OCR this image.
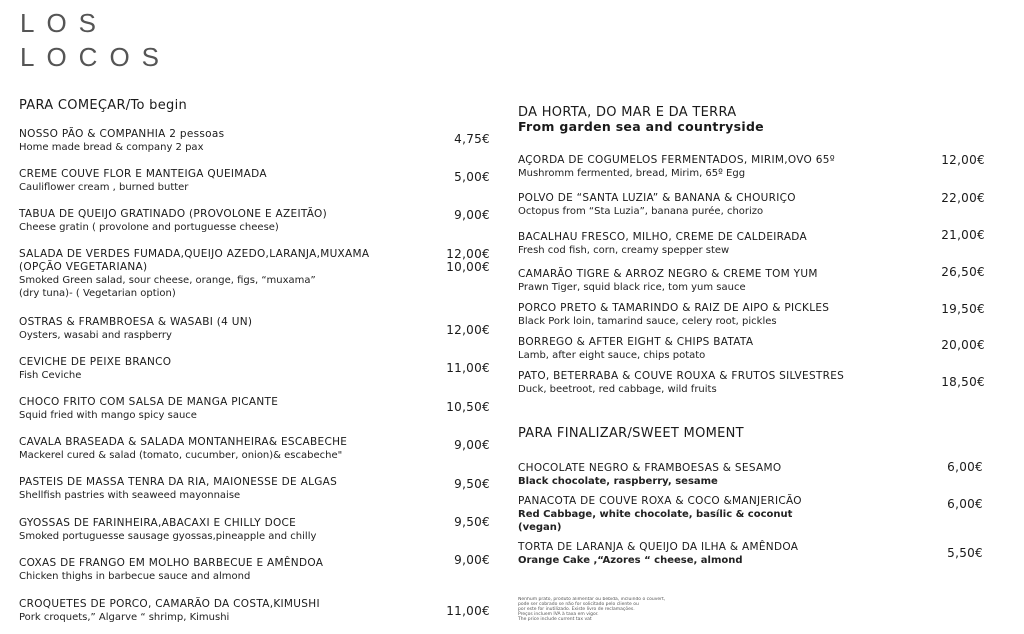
LOS
LOCOS
PARA COMEÇAR/To begin
NOSSO PÃO & COMPANHIA 2 pessoas
Home made bread & company 2 pax
4,75€
CREME COUVE FLOR E MANTEIGA QUEIMADA
Cauliflower cream , burned butter
5,00€
TABUA DE QUEIJO GRATINADO (PROVOLONE E AZEITÃO)
Cheese gratin ( provolone and portuguesse cheese)
9,00€
SALADA DE VERDES FUMADA,QUEIJO AZEDO,LARANJA,MUXAMA
(OPÇÃO VEGETARIANA)
Smoked Green salad, sour cheese, orange, figs, “muxama”
(dry tuna)- ( Vegetarian option)
12,00€
10,00€
OSTRAS & FRAMBROESA & WASABI (4 UN)
Oysters, wasabi and raspberry	12,00€
CEVICHE DE PEIXE BRANCO
Fish Ceviche
11,00€
CHOCO FRITO COM SALSA DE MANGA PICANTE
Squid fried with mango spicy sauce
10,50€
CAVALA BRASEADA & SALADA MONTANHEIRA& ESCABECHE
Mackerel cured & salad (tomato, cucumber, onion)& escabeche"
9,00€
PASTEIS DE MASSA TENRA DA RIA, MAIONESSE DE ALGAS
Shellfish pastries with seaweed mayonnaise
9,50€
GYOSSAS DE FARINHEIRA,ABACAXI E CHILLY DOCE
Smoked portuguesse sausage gyossas,pineapple and chilly
9,50€
COXAS DE FRANGO EM MOLHO BARBECUE E AMÊNDOA
Chicken thighs in barbecue sauce and almond
9,00€
CROQUETES DE PORCO, CAMARÃO DA COSTA,KIMUSHI
Pork croquets,” Algarve “ shrimp, Kimushi	11,00€
DA HORTA, DO MAR E DA TERRA
From garden sea and countryside
AÇORDA DE COGUMELOS FERMENTADOS, MIRIM,OVO 65º
Mushromm fermented, bread, Mirim, 65º Egg
12,00€
POLVO DE “SANTA LUZIA” & BANANA & CHOURIÇO
Octopus from “Sta Luzia”, banana purée, chorizo
22,00€
BACALHAU FRESCO, MILHO, CREME DE CALDEIRADA
Fresh cod fish, corn, creamy spepper stew
21,00€
CAMARÃO TIGRE & ARROZ NEGRO & CREME TOM YUM
Prawn Tiger, squid black rice, tom yum sauce
26,50€
PORCO PRETO & TAMARINDO & RAIZ DE AIPO & PICKLES
Black Pork loin, tamarind sauce, celery root, pickles
19,50€
BORREGO & AFTER EIGHT & CHIPS BATATA
Lamb, after eight sauce, chips potato
20,00€
PATO, BETERRABA & COUVE ROUXA & FRUTOS SILVESTRES
Duck, beetroot, red cabbage, wild fruits
18,50€
PARA FINALIZAR/SWEET MOMENT
CHOCOLATE NEGRO & FRAMBOESAS & SESAMO
Black chocolate, raspberry, sesame
6,00€
PANACOTA DE COUVE ROXA & COCO &MANJERICÃO
Red Cabbage, white chocolate, basílic & coconut
(vegan)
6,00€
TORTA DE LARANJA & QUEIJO DA ILHA & AMÊNDOA
Orange Cake ,“Azores “ cheese, almond
5,50€
Nenhum prato, produto alimentar ou bebida, incluindo o couvert,
pode ser cobrado se não for solicitado pelo cliente ou
por este for inutilizado. Existe livro de reclamações.
Preços incluem IVA à taxa em vigor.
The price include current tax vat
